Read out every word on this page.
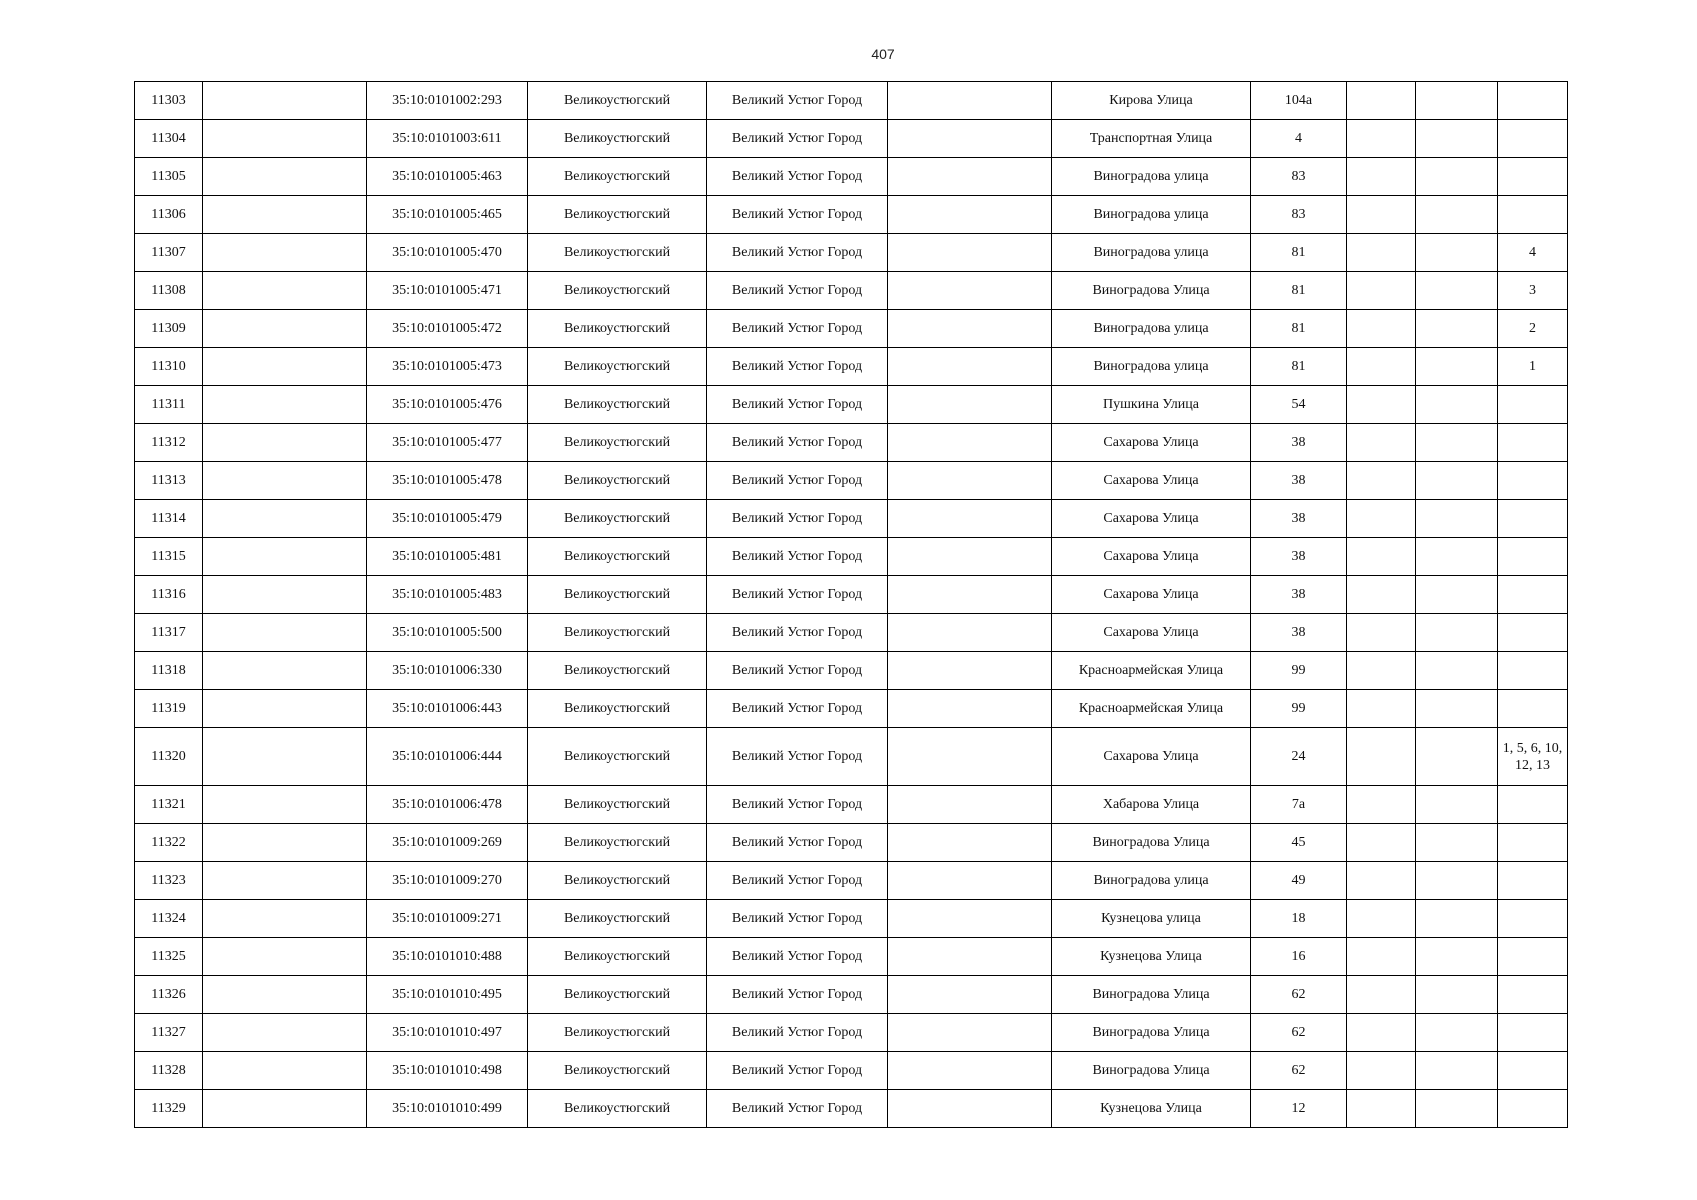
407
11303		35:10:0101002:293	Великоустюгский	Великий Устюг Город		Кирова Улица	104а			
11304		35:10:0101003:611	Великоустюгский	Великий Устюг Город		Транспортная Улица	4			
11305		35:10:0101005:463	Великоустюгский	Великий Устюг Город		Виноградова улица	83			
11306		35:10:0101005:465	Великоустюгский	Великий Устюг Город		Виноградова улица	83			
11307		35:10:0101005:470	Великоустюгский	Великий Устюг Город		Виноградова улица	81			4
11308		35:10:0101005:471	Великоустюгский	Великий Устюг Город		Виноградова Улица	81			3
11309		35:10:0101005:472	Великоустюгский	Великий Устюг Город		Виноградова улица	81			2
11310		35:10:0101005:473	Великоустюгский	Великий Устюг Город		Виноградова улица	81			1
11311		35:10:0101005:476	Великоустюгский	Великий Устюг Город		Пушкина Улица	54			
11312		35:10:0101005:477	Великоустюгский	Великий Устюг Город		Сахарова Улица	38			
11313		35:10:0101005:478	Великоустюгский	Великий Устюг Город		Сахарова Улица	38			
11314		35:10:0101005:479	Великоустюгский	Великий Устюг Город		Сахарова Улица	38			
11315		35:10:0101005:481	Великоустюгский	Великий Устюг Город		Сахарова Улица	38			
11316		35:10:0101005:483	Великоустюгский	Великий Устюг Город		Сахарова Улица	38			
11317		35:10:0101005:500	Великоустюгский	Великий Устюг Город		Сахарова Улица	38			
11318		35:10:0101006:330	Великоустюгский	Великий Устюг Город		Красноармейская Улица	99			
11319		35:10:0101006:443	Великоустюгский	Великий Устюг Город		Красноармейская Улица	99			
11320		35:10:0101006:444	Великоустюгский	Великий Устюг Город		Сахарова Улица	24			1, 5, 6, 10, 12, 13
11321		35:10:0101006:478	Великоустюгский	Великий Устюг Город		Хабарова Улица	7а			
11322		35:10:0101009:269	Великоустюгский	Великий Устюг Город		Виноградова Улица	45			
11323		35:10:0101009:270	Великоустюгский	Великий Устюг Город		Виноградова улица	49			
11324		35:10:0101009:271	Великоустюгский	Великий Устюг Город		Кузнецова улица	18			
11325		35:10:0101010:488	Великоустюгский	Великий Устюг Город		Кузнецова Улица	16			
11326		35:10:0101010:495	Великоустюгский	Великий Устюг Город		Виноградова Улица	62			
11327		35:10:0101010:497	Великоустюгский	Великий Устюг Город		Виноградова Улица	62			
11328		35:10:0101010:498	Великоустюгский	Великий Устюг Город		Виноградова Улица	62			
11329		35:10:0101010:499	Великоустюгский	Великий Устюг Город		Кузнецова Улица	12			
